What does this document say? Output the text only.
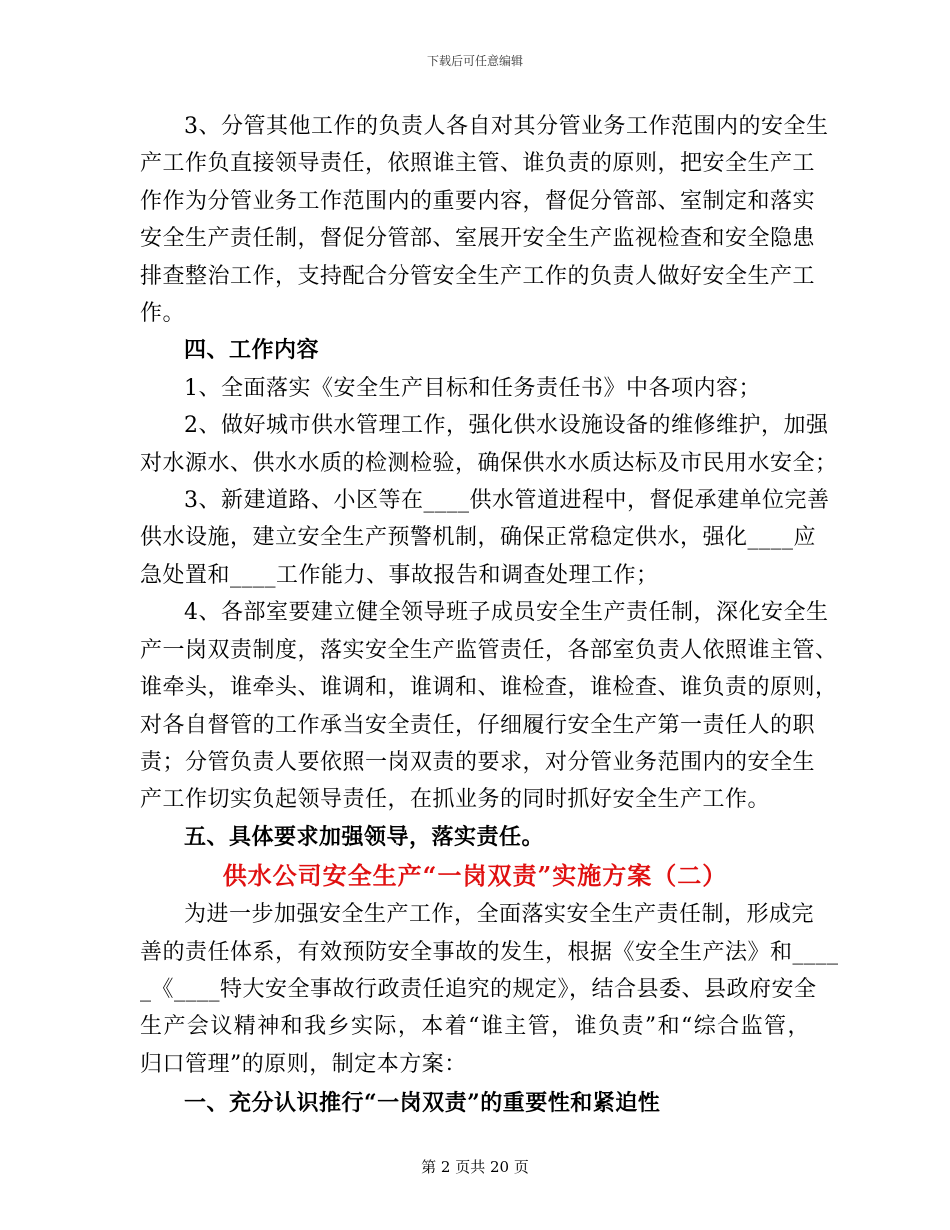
下载后可任意编辑

3、分管其他工作的负责人各自对其分管业务工作范围内的安全生

产工作负直接领导责任，依照谁主管、谁负责的原则，把安全生产工

作作为分管业务工作范围内的重要内容，督促分管部、室制定和落实

安全生产责任制，督促分管部、室展开安全生产监视检查和安全隐患

排查整治工作，支持配合分管安全生产工作的负责人做好安全生产工

作。

四、工作内容

1、全面落实《安全生产目标和任务责任书》中各项内容；

2、做好城市供水管理工作，强化供水设施设备的维修维护，加强

对水源水、供水水质的检测检验，确保供水水质达标及市民用水安全；

3、新建道路、小区等在____供水管道进程中，督促承建单位完善

供水设施，建立安全生产预警机制，确保正常稳定供水，强化____应

急处置和____工作能力、事故报告和调查处理工作；

4、各部室要建立健全领导班子成员安全生产责任制，深化安全生

产一岗双责制度，落实安全生产监管责任，各部室负责人依照谁主管、

谁牵头，谁牵头、谁调和，谁调和、谁检查，谁检查、谁负责的原则，

对各自督管的工作承当安全责任，仔细履行安全生产第一责任人的职

责；分管负责人要依照一岗双责的要求，对分管业务范围内的安全生

产工作切实负起领导责任，在抓业务的同时抓好安全生产工作。

五、具体要求加强领导，落实责任。

供水公司安全生产“一岗双责”实施方案（二）

为进一步加强安全生产工作，全面落实安全生产责任制，形成完

善的责任体系，有效预防安全事故的发生，根据《安全生产法》和____

_《____特大安全事故行政责任追究的规定》，结合县委、县政府安全

生产会议精神和我乡实际，本着“谁主管，谁负责”和“综合监管，

归口管理”的原则，制定本方案：

一、充分认识推行“一岗双责”的重要性和紧迫性

第 2 页共 20 页
